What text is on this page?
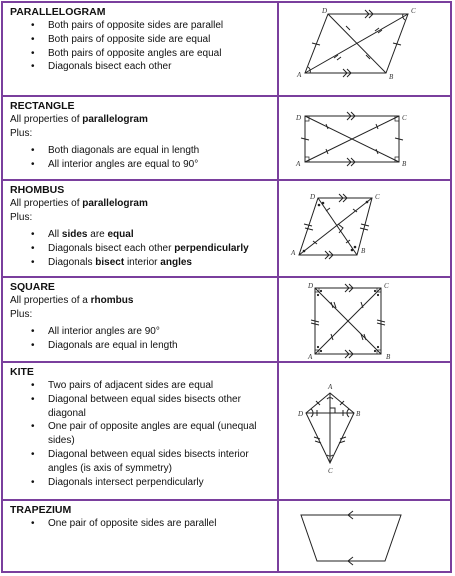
PARALLELOGRAM
• Both pairs of opposite sides are parallel
• Both pairs of opposite side are equal
• Both pairs of opposite angles are equal
• Diagonals bisect each other
D	C
A	B
RECTANGLE
All properties of parallelogram
Plus:
• Both diagonals are equal in length
• All interior angles are equal to 90°
D	C
A	B
RHOMBUS
All properties of parallelogram
Plus:
• All sides are equal
• Diagonals bisect each other perpendicularly
• Diagonals bisect interior angles
D	C
A	B
SQUARE
All properties of a rhombus
Plus:
• All interior angles are 90°
• Diagonals are equal in length
D	C
A	B
KITE
• Two pairs of adjacent sides are equal
• Diagonal between equal sides bisects other diagonal
• One pair of opposite angles are equal (unequal sides)
• Diagonal between equal sides bisects interior angles (is axis of symmetry)
• Diagonals intersect perpendicularly
A
B
C
D
TRAPEZIUM
• One pair of opposite sides are parallel
